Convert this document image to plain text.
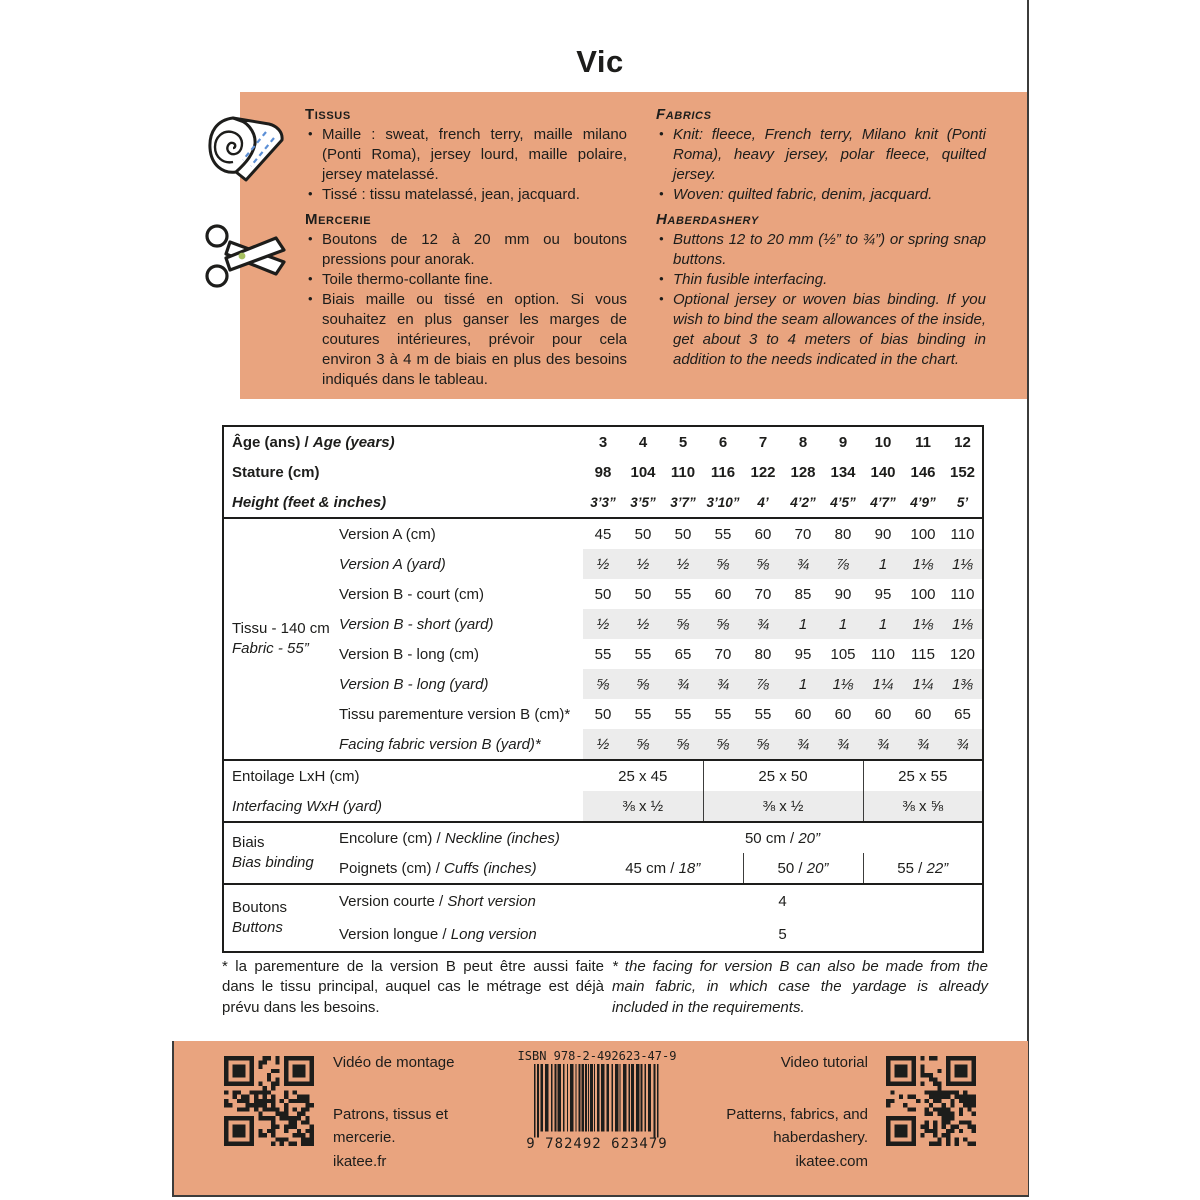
Vic
Tissus
• Maille : sweat, french terry, maille milano (Ponti Roma), jersey lourd, maille polaire, jersey matelassé.
• Tissé : tissu matelassé, jean, jacquard.
Mercerie
• Boutons de 12 à 20 mm ou boutons pressions pour anorak.
• Toile thermo-collante fine.
• Biais maille ou tissé en option. Si vous souhaitez en plus ganser les marges de coutures intérieures, prévoir pour cela environ 3 à 4 m de biais en plus des besoins indiqués dans le tableau.
Fabrics
• Knit: fleece, French terry, Milano knit (Ponti Roma), heavy jersey, polar fleece, quilted jersey.
• Woven: quilted fabric, denim, jacquard.
Haberdashery
• Buttons 12 to 20 mm (½” to ¾”) or spring snap buttons.
• Thin fusible interfacing.
• Optional jersey or woven bias binding. If you wish to bind the seam allowances of the inside, get about 3 to 4 meters of bias binding in addition to the needs indicated in the chart.
Âge (ans) / Age (years)		3	4	5	6	7	8	9	10	11	12
Stature (cm)		98	104	110	116	122	128	134	140	146	152
Height (feet & inches)		3’3”	3’5”	3’7”	3’10”	4’	4’2”	4’5”	4’7”	4’9”	5’

Tissu - 140 cm
Fabric - 55”	Version A (cm)	45	50	50	55	60	70	80	90	100	110
	Version A (yard)	½	½	½	⅝	⅝	¾	⅞	1	1⅛	1⅛
	Version B - court (cm)	50	50	55	60	70	85	90	95	100	110
	Version B - short (yard)	½	½	⅝	⅝	¾	1	1	1	1⅛	1⅛
	Version B - long (cm)	55	55	65	70	80	95	105	110	115	120
	Version B - long (yard)	⅝	⅝	¾	¾	⅞	1	1⅛	1¼	1¼	1⅜
	Tissu parementure version B (cm)*	50	55	55	55	55	60	60	60	60	65
	Facing fabric version B (yard)*	½	⅝	⅝	⅝	⅝	¾	¾	¾	¾	¾
Entoilage LxH (cm)		25 x 45			25 x 50				25 x 55		
Interfacing WxH (yard)		⅜ x ½			⅜ x ½				⅜ x ⅝		

Biais
Bias binding	Encolure (cm) / Neckline (inches)	50 cm / 20”									
	Poignets (cm) / Cuffs (inches)	45 cm / 18”				50 / 20”			55 / 22”		

Boutons
Buttons	Version courte / Short version	4									
	Version longue / Long version	5									
* la parementure de la version B peut être aussi faite dans le tissu principal, auquel cas le métrage est déjà prévu dans les besoins.
* the facing for version B can also be made from the main fabric, in which case the yardage is already included in the requirements.
Vidéo de montage
Patrons, tissus et mercerie.
ikatee.fr
ISBN 978-2-492623-47-9
9 782492 623479
Video tutorial
Patterns, fabrics, and haberdashery.
ikatee.com
